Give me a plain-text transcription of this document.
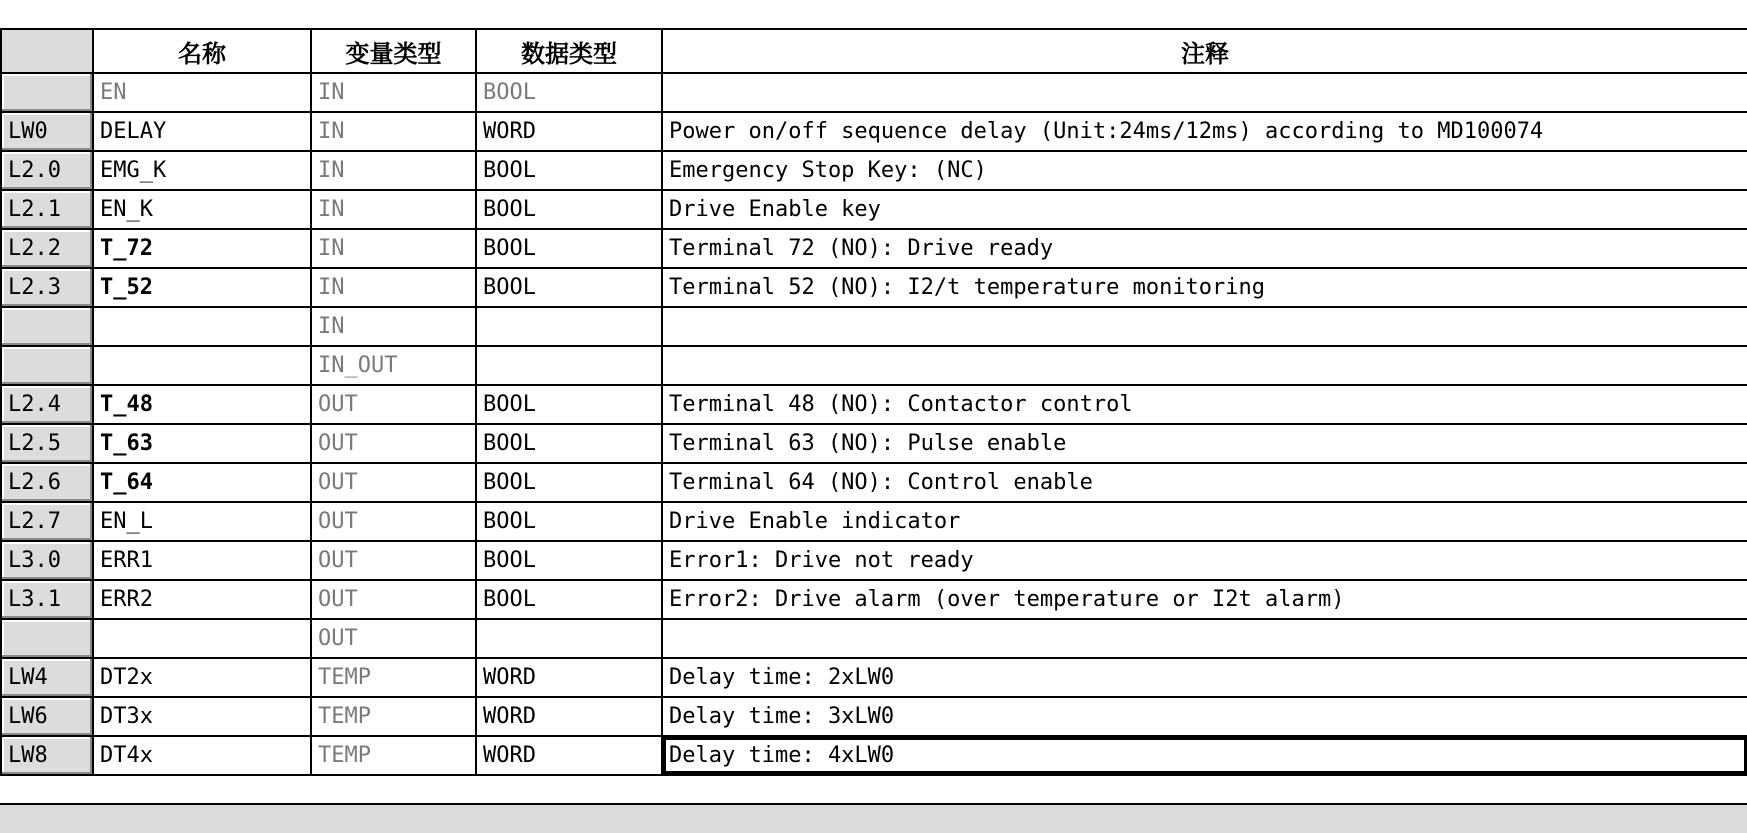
	名称	变量类型	数据类型	注释
	EN	IN	BOOL	
LW0	DELAY	IN	WORD	Power on/off sequence delay (Unit:24ms/12ms) according to MD100074
L2.0	EMG_K	IN	BOOL	Emergency Stop Key: (NC)
L2.1	EN_K	IN	BOOL	Drive Enable key
L2.2	T_72	IN	BOOL	Terminal 72 (NO): Drive ready
L2.3	T_52	IN	BOOL	Terminal 52 (NO): I2/t temperature monitoring
		IN		
		IN_OUT		
L2.4	T_48	OUT	BOOL	Terminal 48 (NO): Contactor control
L2.5	T_63	OUT	BOOL	Terminal 63 (NO): Pulse enable
L2.6	T_64	OUT	BOOL	Terminal 64 (NO): Control enable
L2.7	EN_L	OUT	BOOL	Drive Enable indicator
L3.0	ERR1	OUT	BOOL	Error1: Drive not ready
L3.1	ERR2	OUT	BOOL	Error2: Drive alarm (over temperature or I2t alarm)
		OUT		
LW4	DT2x	TEMP	WORD	Delay time: 2xLW0
LW6	DT3x	TEMP	WORD	Delay time: 3xLW0
LW8	DT4x	TEMP	WORD	Delay time: 4xLW0
